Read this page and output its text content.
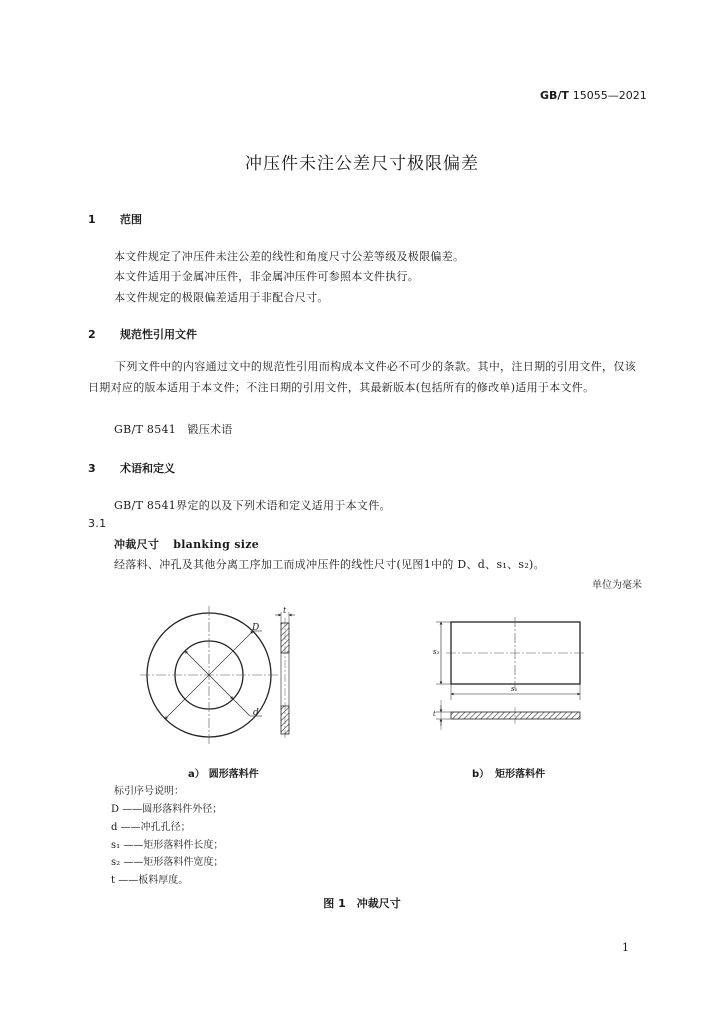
GB/T 15055—2021
冲压件未注公差尺寸极限偏差
1 范围
本文件规定了冲压件未注公差的线性和角度尺寸公差等级及极限偏差。
本文件适用于金属冲压件，非金属冲压件可参照本文件执行。
本文件规定的极限偏差适用于非配合尺寸。
2 规范性引用文件
下列文件中的内容通过文中的规范性引用而构成本文件必不可少的条款。其中，注日期的引用文件，仅该日期对应的版本适用于本文件；不注日期的引用文件，其最新版本(包括所有的修改单)适用于本文件。
GB/T 8541　锻压术语
3 术语和定义
GB/T 8541界定的以及下列术语和定义适用于本文件。
3.1
冲裁尺寸 blanking size
经落料、冲孔及其他分离工序加工而成冲压件的线性尺寸(见图1中的 D、d、s₁、s₂)。
单位为毫米
D
d
t
s₁
s₂
t
a） 圆形落料件	b） 矩形落料件
标引序号说明：
D ——圆形落料件外径；
d ——冲孔孔径；
s₁ ——矩形落料件长度；
s₂ ——矩形落料件宽度；
t ——板料厚度。
图 1　冲裁尺寸
1
